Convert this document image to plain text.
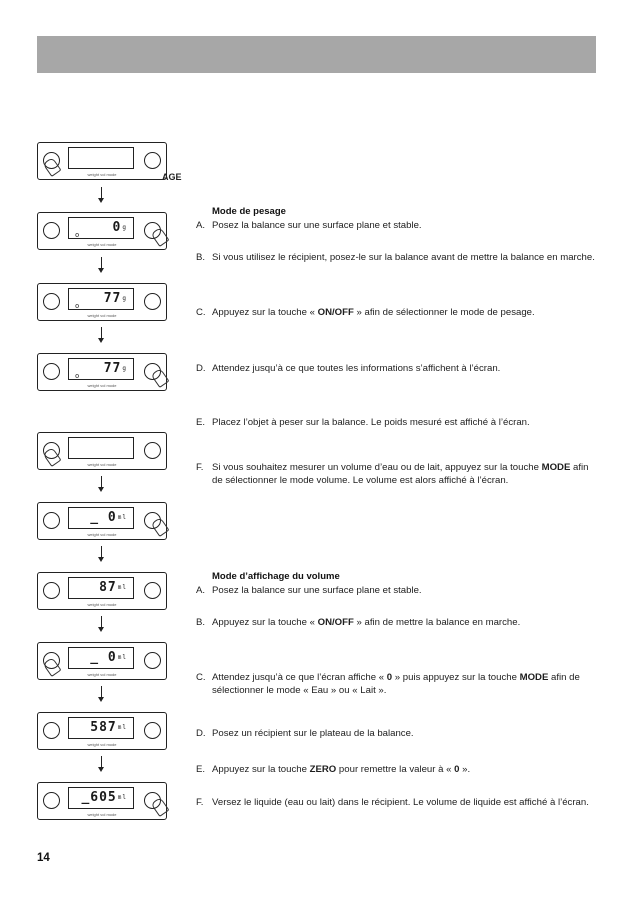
weight vol mode	AGE
o _ 0$^g$
weight vol mode
o _ 77$^g$
weight vol mode
o 77$^g$
weight vol mode
weight vol mode
_ $0^{ml}$
weight vol mode
$87^{ml}$
weight vol mode
_ $0^{ml}$
weight vol mode
$587^{ml}$
weight vol mode
$\_605^{ml}$
weight vol mode
Mode de pesage
A. Posez la balance sur une surface plane et stable.
B. Si vous utilisez le récipient, posez-le sur la balance avant de mettre la balance en marche.
C. Appuyez sur la touche « ON/OFF » afin de sélectionner le mode de pesage.
D. Attendez jusqu’à ce que toutes les informations s’affichent à l’écran.
E. Placez l’objet à peser sur la balance. Le poids mesuré est affiché à l’écran.
F. Si vous souhaitez mesurer un volume d’eau ou de lait, appuyez sur la touche MODE afin de sélectionner le mode volume. Le volume est alors affiché à l’écran.
Mode d’affichage du volume
A. Posez la balance sur une surface plane et stable.
B. Appuyez sur la touche « ON/OFF » afin de mettre la balance en marche.
C. Attendez jusqu’à ce que l’écran affiche « 0 » puis appuyez sur la touche MODE afin de sélectionner le mode « Eau » ou « Lait ».
D. Posez un récipient sur le plateau de la balance.
E. Appuyez sur la touche ZERO pour remettre la valeur à « 0 ».
F. Versez le liquide (eau ou lait) dans le récipient. Le volume de liquide est affiché à l’écran.
14
